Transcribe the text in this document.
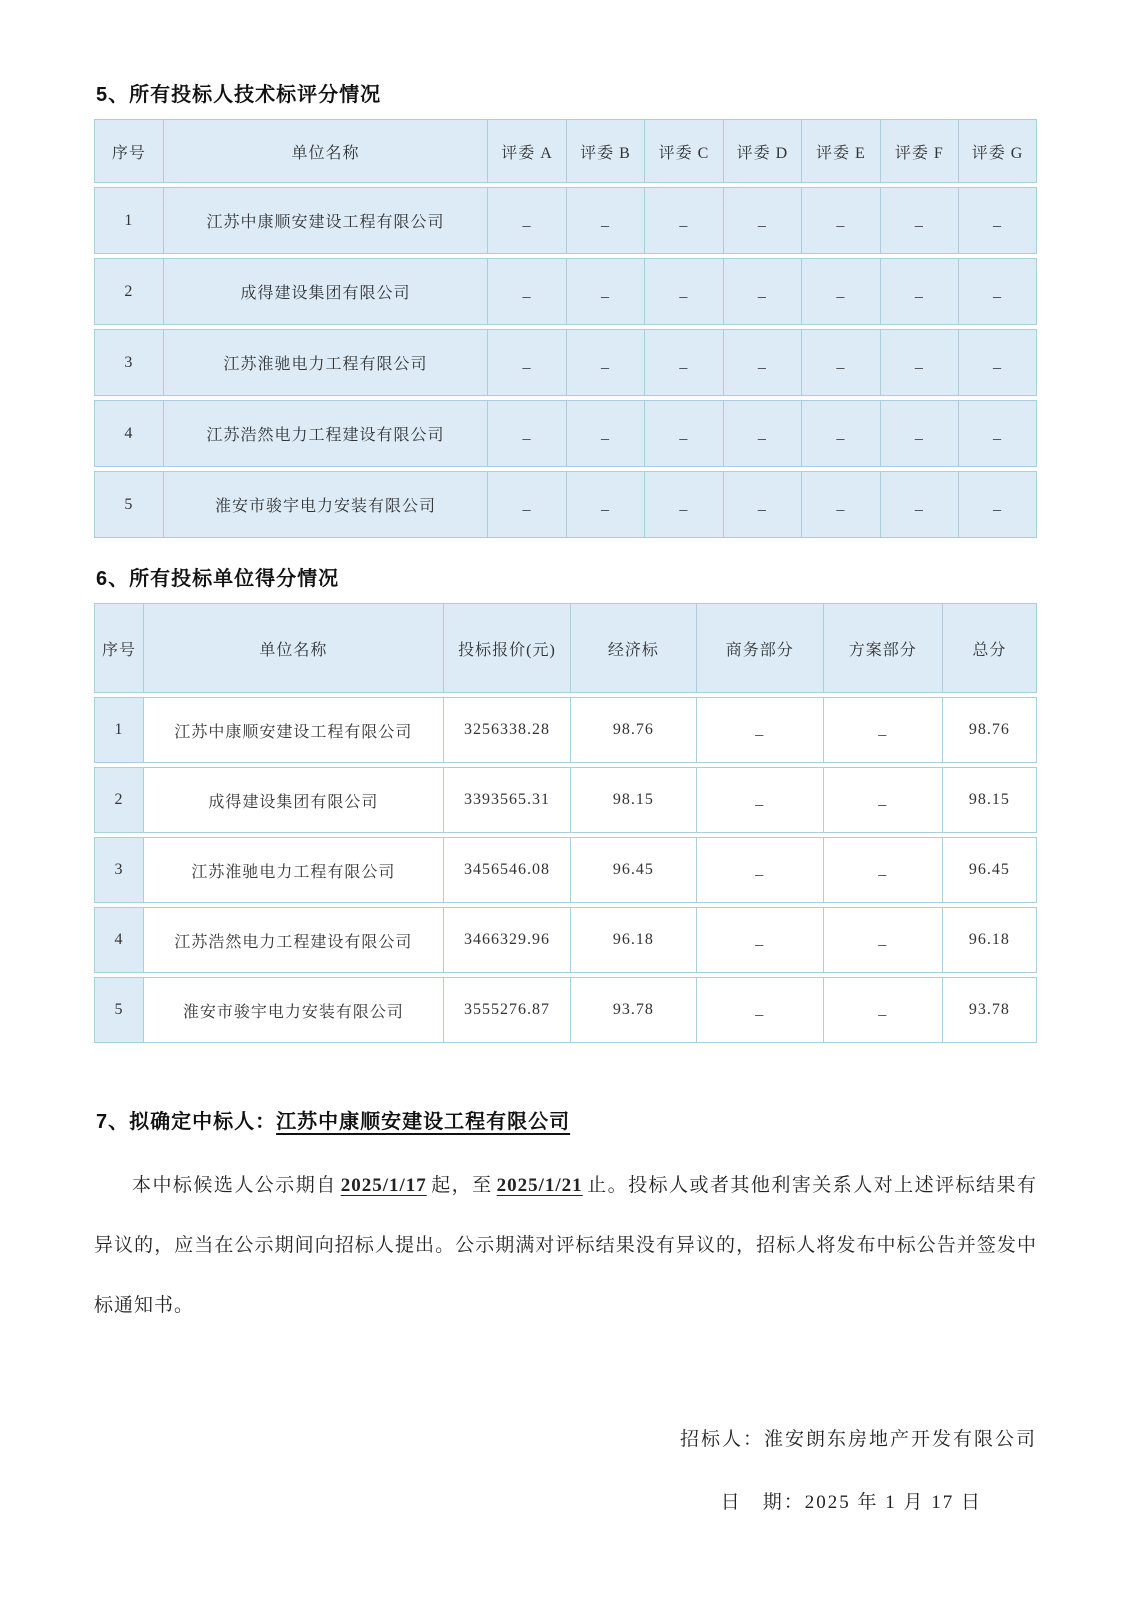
5、所有投标人技术标评分情况
序号	单位名称	评委 A	评委 B	评委 C	评委 D	评委 E	评委 F	评委 G
1	江苏中康顺安建设工程有限公司	_	_	_	_	_	_	_
2	成得建设集团有限公司	_	_	_	_	_	_	_
3	江苏淮驰电力工程有限公司	_	_	_	_	_	_	_
4	江苏浩然电力工程建设有限公司	_	_	_	_	_	_	_
5	淮安市骏宇电力安装有限公司	_	_	_	_	_	_	_
6、所有投标单位得分情况
序号	单位名称	投标报价(元)	经济标	商务部分	方案部分	总分
1	江苏中康顺安建设工程有限公司	3256338.28	98.76	_	_	98.76
2	成得建设集团有限公司	3393565.31	98.15	_	_	98.15
3	江苏淮驰电力工程有限公司	3456546.08	96.45	_	_	96.45
4	江苏浩然电力工程建设有限公司	3466329.96	96.18	_	_	96.18
5	淮安市骏宇电力安装有限公司	3555276.87	93.78	_	_	93.78
7、拟确定中标人：江苏中康顺安建设工程有限公司

本中标候选人公示期自 2025/1/17 起，至 2025/1/21 止。投标人或者其他利害关系人对上述评标结果有异议的，应当在公示期间向招标人提出。公示期满对评标结果没有异议的，招标人将发布中标公告并签发中标通知书。

招标人：淮安朗东房地产开发有限公司
日　期：2025 年 1 月 17 日
